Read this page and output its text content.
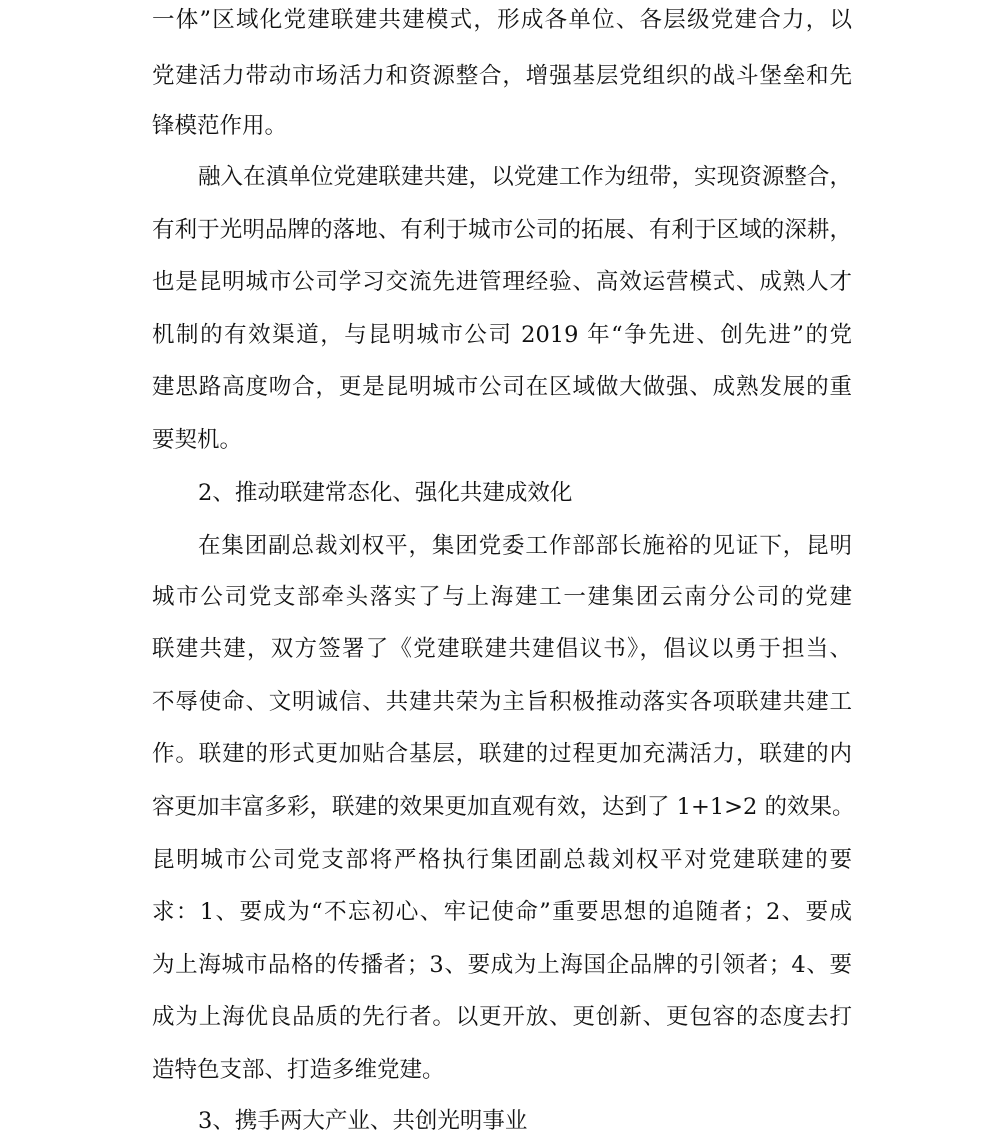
一体”区域化党建联建共建模式，形成各单位、各层级党建合力，以
党建活力带动市场活力和资源整合，增强基层党组织的战斗堡垒和先
锋模范作用。
融入在滇单位党建联建共建，以党建工作为纽带，实现资源整合，
有利于光明品牌的落地、有利于城市公司的拓展、有利于区域的深耕，
也是昆明城市公司学习交流先进管理经验、高效运营模式、成熟人才
机制的有效渠道，与昆明城市公司 2019 年“争先进、创先进”的党
建思路高度吻合，更是昆明城市公司在区域做大做强、成熟发展的重
要契机。
2、推动联建常态化、强化共建成效化
在集团副总裁刘权平，集团党委工作部部长施裕的见证下，昆明
城市公司党支部牵头落实了与上海建工一建集团云南分公司的党建
联建共建，双方签署了《党建联建共建倡议书》，倡议以勇于担当、
不辱使命、文明诚信、共建共荣为主旨积极推动落实各项联建共建工
作。联建的形式更加贴合基层，联建的过程更加充满活力，联建的内
容更加丰富多彩，联建的效果更加直观有效，达到了 1+1>2 的效果。
昆明城市公司党支部将严格执行集团副总裁刘权平对党建联建的要
求：1、要成为“不忘初心、牢记使命”重要思想的追随者；2、要成
为上海城市品格的传播者；3、要成为上海国企品牌的引领者；4、要
成为上海优良品质的先行者。以更开放、更创新、更包容的态度去打
造特色支部、打造多维党建。
3、携手两大产业、共创光明事业
